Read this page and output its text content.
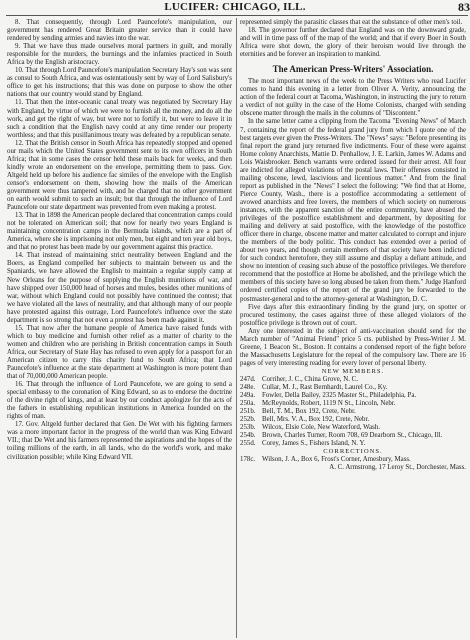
LUCIFER: CHICAGO, ILL.	83

8. That consequently, through Lord Pauncefote's manipulation, our government has rendered Great Britain greater service than it could have rendered by sending armies and navies into the war.

9. That we have thus made ourselves moral partners in guilt, and morally responsible for the murders, the burnings and the infamies practiced in South Africa by the English aristocracy.

10. That through Lord Pauncefote's manipulation Secretary Hay's son was sent as consul to South Africa, and was ostentatiously sent by way of Lord Salisbury's office to get his instructions; that this was done on purpose to show the other nations that our country would stand by England.

11. That then the inter-oceanic canal treaty was negotiated by Secretary Hay with England, by virtue of which we were to furnish all the money, and do all the work, and get the right of way, but were not to fortify it, but were to leave it in such a condition that the English navy could at any time render our property worthless; and that this pusillanimous treaty was defeated by a republican senate.

12. That the British censor in South Africa has repeatedly stopped and opened our mails which the United States government sent to its own officers in South Africa; that in some cases the censor held these mails back for weeks, and then kindly wrote an endorsement on the envelope, permitting them to pass. Gov. Altgeld held up before his audience fac similes of the envelope with the English censor's endorsement on them, showing how the mails of the American government were thus tampered with, and he charged that no other government on earth would submit to such an insult; but that through the influence of Lord Pauncefote our state department was prevented from even making a protest.

13. That in 1898 the American people declared that concentration camps could not be tolerated on American soil; that now for nearly two years England is maintaining concentration camps in the Bermuda islands, which are a part of America, where she is imprisoning not only men, but eight and ten year old boys, and that no protest has been made by our government against this practice.

14. That instead of maintaining strict neutrality between England and the Boers, as England compelled her subjects to maintain between us and the Spaniards, we have allowed the English to maintain a regular supply camp at New Orleans for the purpose of supplying the English munitions of war, and have shipped over 150,000 head of horses and mules, besides other munitions of war, without which England could not possibly have continued the contest; that we have violated all the laws of neutrality, and that although many of our people have protested against this outrage, Lord Pauncefote's influence over the state department is so strong that not even a protest has been made against it.

15. That now after the humane people of America have raised funds with which to buy medicine and furnish other relief as a matter of charity to the women and children who are perishing in British concentration camps in South Africa, our Secretary of State Hay has refused to even apply for a passport for an American citizen to carry this charity fund to South Africa; that Lord Pauncefote's influence at the state department at Washington is more potent than that of 70,000,000 American people.

16. That through the influence of Lord Pauncefote, we are going to send a special embassy to the coronation of King Edward, so as to endorse the doctrine of the divine right of kings, and at least by our conduct apologize for the acts of the fathers in establishing republican institutions in America founded on the rights of man.

17. Gov. Altgeld further declared that Gen. De Wet with his fighting farmers was a more important factor in the progress of the world than was King Edward VII.; that De Wet and his farmers represented the aspirations and the hopes of the toiling millions of the earth, in all lands, who do the world's work, and make civilization possible; while King Edward VII.

represented simply the parasitic classes that eat the substance of other men's toil.

18. The governor further declared that England was on the downward grade, and will in time pass off of the map of the world; and that if every Boer in South Africa were shot down, the glory of their heroism would live through the eternities and be forever an inspiration to mankind.

The American Press-Writers' Association.

The most important news of the week to the Press Writers who read Lucifer comes to hand this evening in a letter from Oliver A. Verity, announcing the action of the federal court at Tacoma, Washington, in instructing the jury to return a verdict of not guilty in the case of the Home Colonists, charged with sending obscene matter through the mails in the columns of "Discontent."

In the same letter came a clipping from the Tacoma "Evening News" of March 7, containing the report of the federal grand jury from which I quote one of the best targets ever given the Press-Writers. The "News" says: "Before presenting its final report the grand jury returned five indictments. Four of these were against Home colony Anarchists, Mattie D. Penhallow, J. E. Larkin, James W. Adams and Lois Waisbrooker. Bench warrants were ordered issued for their arrest. All four are indicted for alleged violations of the postal laws. Their offenses consisted in mailing obscene, lewd, lascivious and licentious matter." And from the final report as published in the "News" I select the following: "We find that at Home, Pierce County, Wash., there is a postoffice accommodating a settlement of avowed anarchists and free lovers, the members of which society on numerous instances, with the apparent sanction of the entire community, have abused the privileges of the postoffice establishment and department, by depositing for mailing and delivery at said postoffice, with the knowledge of the postoffice officer there in charge, obscene matter and matter calculated to corrupt and injure the members of the body politic. This conduct has extended over a period of about two years, and though certain members of that society have been indicted for such conduct heretofore, they still assume and display a defiant attitude, and show no intention of ceasing such abuse of the postoffice privileges. We therefore recommend that the postoffice at Home be abolished, and the privilege which the members of this society have so long abused be taken from them." Judge Hanford ordered certified copies of the report of the grand jury be forwarded to the postmaster-general and to the attorney-general at Washington, D. C.

Five days after this extraordinary finding by the grand jury, on spotter or procured testimony, the cases against three of these alleged violators of the postoffice privilege is thrown out of court.

Any one interested in the subject of anti-vaccination should send for the March number of "Animal Friend" price 5 cts. published by Press-Writer J. M. Greene, 1 Beacon St., Boston. It contains a condensed report of the fight before the Massachusetts Legislature for the repeal of the compulsory law. There are 16 pages of very interesting reading for every lover of personal liberty.

NEW MEMBERS.

247d. Corriher, J. C., China Grove, N. C.

248e. Cullar, M. J., Rast Bernhardt, Laurel Co., Ky.

249a. Fowler, Della Bailey, 2325 Master St., Philadelphia, Pa.

250a. McReynolds, Robert, 1119 N St., Lincoln, Nebr.

251b. Bell, T. M., Box 192, Crete, Nebr.

252b. Bell, Mrs. V. A., Box 192, Crete, Nebr.

253b. Wilcox, Elsie Cole, New Waterford, Wash.

254b. Brown, Charles Turner, Room 708, 69 Dearborn St., Chicago, Ill.

255d. Corey, James S., Fishers Island, N. Y.

CORRECTIONS.

178c. Wilson, J. A., Box 6, Frost's Corner, Amesbury, Mass.

A. C. Armstrong, 17 Leroy St., Dorchester, Mass.
